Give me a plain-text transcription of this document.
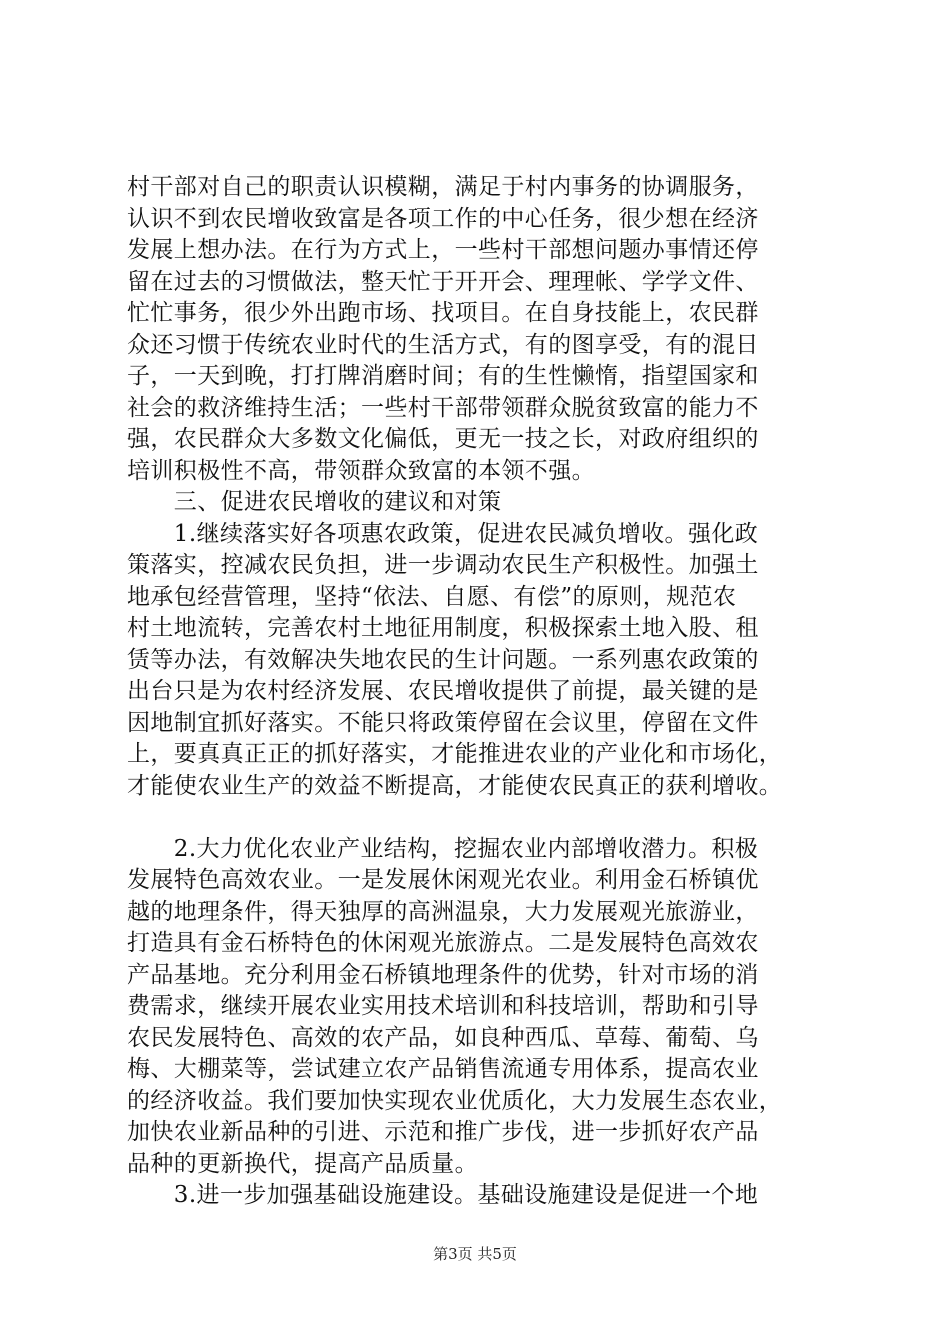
村干部对自己的职责认识模糊，满足于村内事务的协调服务，
认识不到农民增收致富是各项工作的中心任务，很少想在经济
发展上想办法。在行为方式上，一些村干部想问题办事情还停
留在过去的习惯做法，整天忙于开开会、理理帐、学学文件、
忙忙事务，很少外出跑市场、找项目。在自身技能上，农民群
众还习惯于传统农业时代的生活方式，有的图享受，有的混日
子，一天到晚，打打牌消磨时间；有的生性懒惰，指望国家和
社会的救济维持生活；一些村干部带领群众脱贫致富的能力不
强，农民群众大多数文化偏低，更无一技之长，对政府组织的
培训积极性不高，带领群众致富的本领不强。
　　三、促进农民增收的建议和对策
　　1.继续落实好各项惠农政策，促进农民减负增收。强化政
策落实，控减农民负担，进一步调动农民生产积极性。加强土
地承包经营管理，坚持“依法、自愿、有偿”的原则，规范农
村土地流转，完善农村土地征用制度，积极探索土地入股、租
赁等办法，有效解决失地农民的生计问题。一系列惠农政策的
出台只是为农村经济发展、农民增收提供了前提，最关键的是
因地制宜抓好落实。不能只将政策停留在会议里，停留在文件
上，要真真正正的抓好落实，才能推进农业的产业化和市场化，
才能使农业生产的效益不断提高，才能使农民真正的获利增收。
　　2.大力优化农业产业结构，挖掘农业内部增收潜力。积极
发展特色高效农业。一是发展休闲观光农业。利用金石桥镇优
越的地理条件，得天独厚的高洲温泉，大力发展观光旅游业，
打造具有金石桥特色的休闲观光旅游点。二是发展特色高效农
产品基地。充分利用金石桥镇地理条件的优势，针对市场的消
费需求，继续开展农业实用技术培训和科技培训，帮助和引导
农民发展特色、高效的农产品，如良种西瓜、草莓、葡萄、乌
梅、大棚菜等，尝试建立农产品销售流通专用体系，提高农业
的经济收益。我们要加快实现农业优质化，大力发展生态农业，
加快农业新品种的引进、示范和推广步伐，进一步抓好农产品
品种的更新换代，提高产品质量。
　　3.进一步加强基础设施建设。基础设施建设是促进一个地
第3页 共5页
